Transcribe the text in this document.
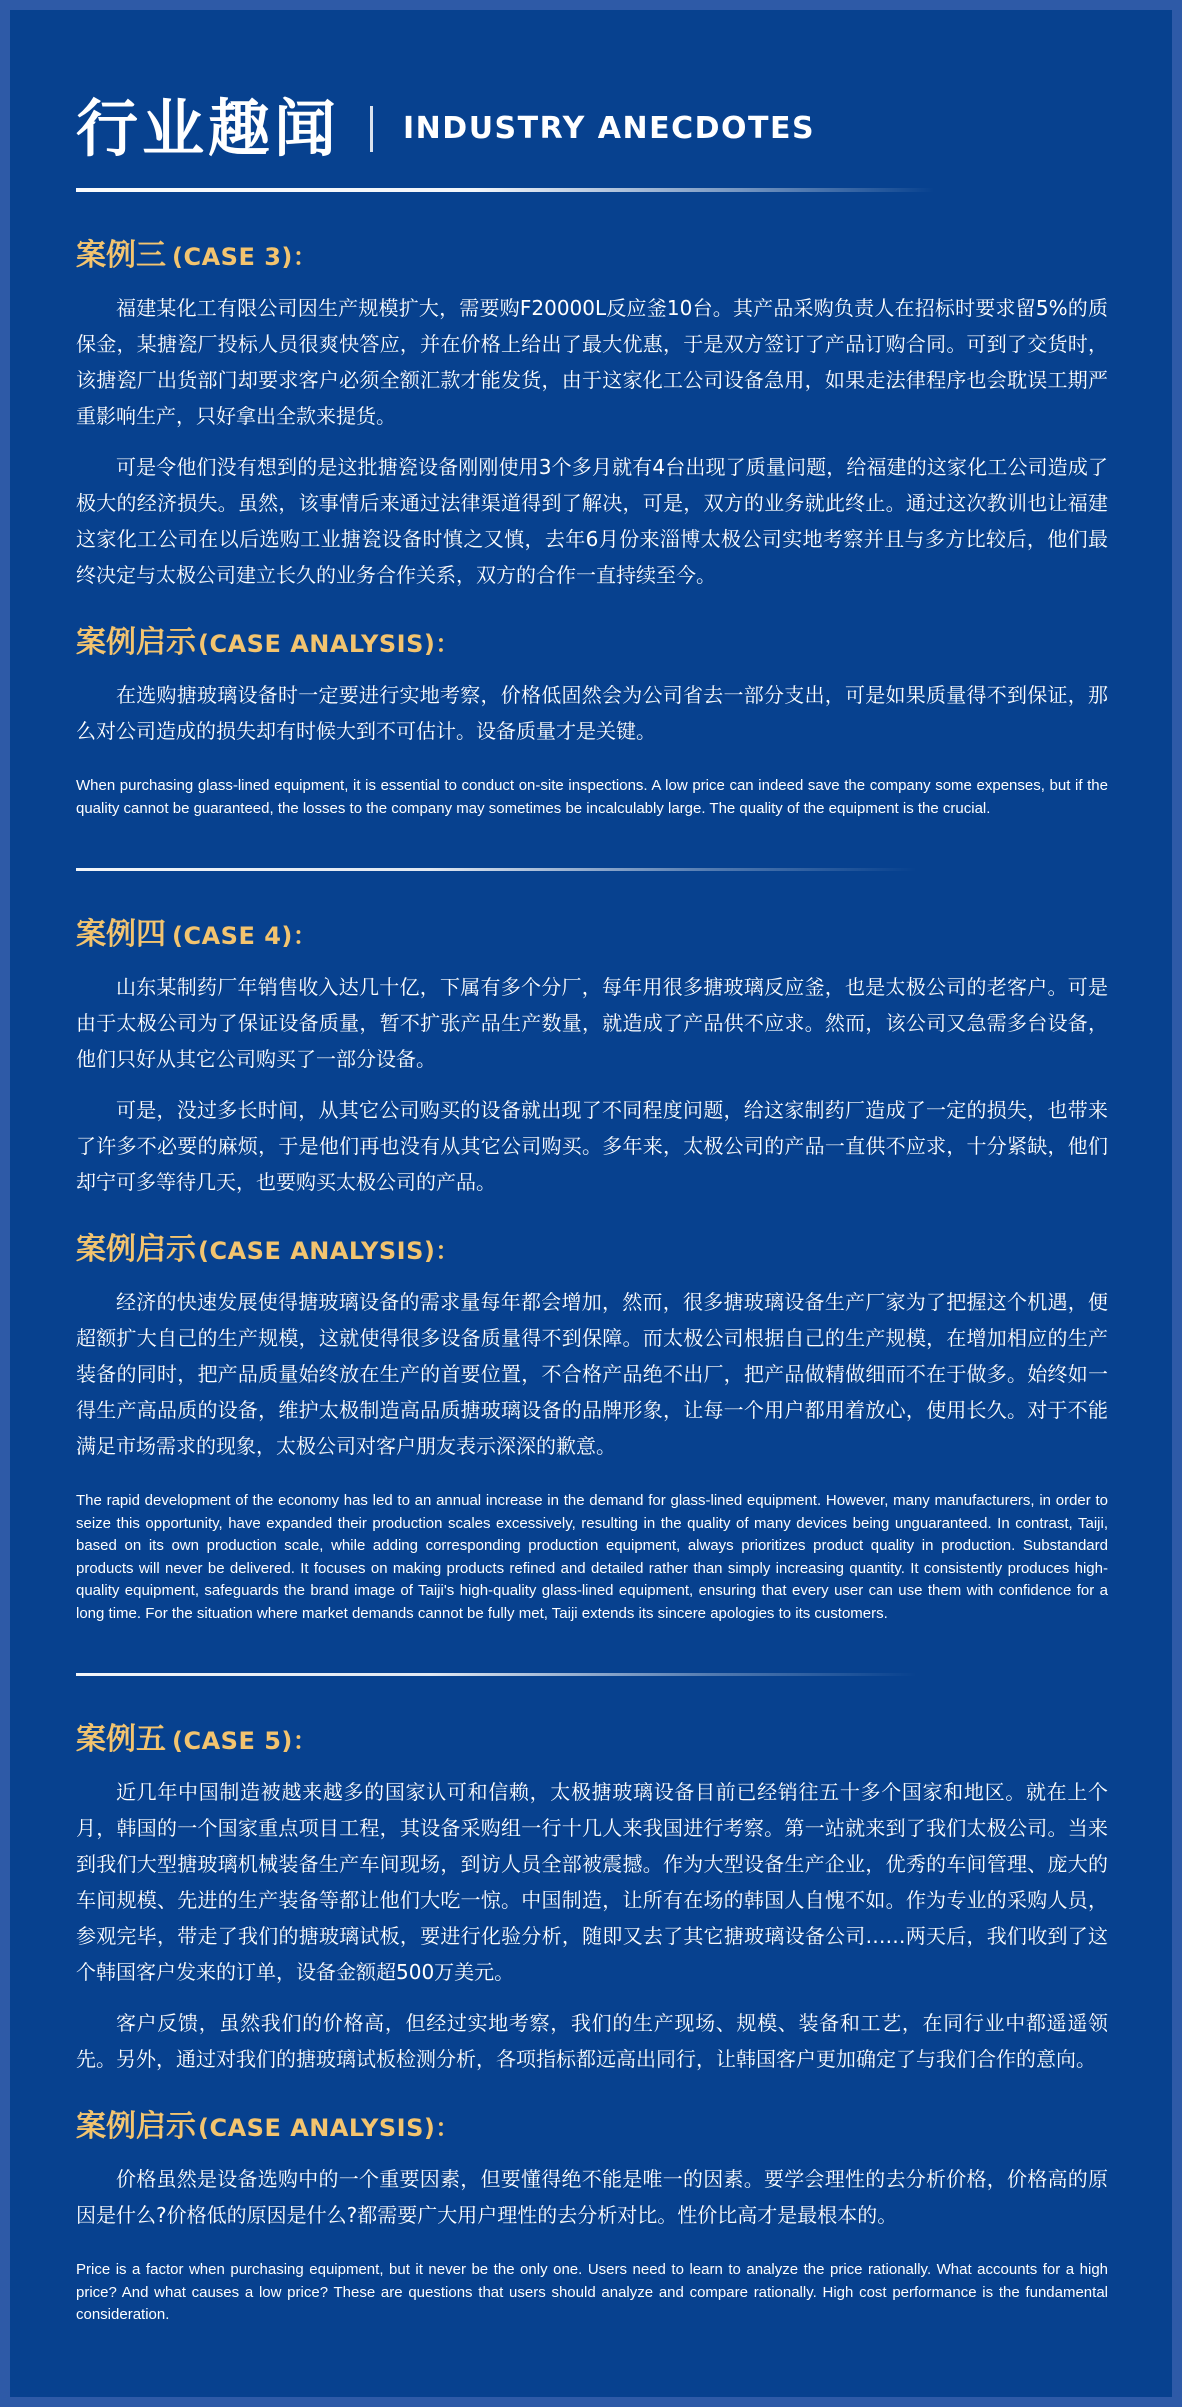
行业趣闻 INDUSTRY ANECDOTES
案例三 (CASE 3)：

福建某化工有限公司因生产规模扩大，需要购F20000L反应釜10台。其产品采购负责人在招标时要求留5%的质保金，某搪瓷厂投标人员很爽快答应，并在价格上给出了最大优惠，于是双方签订了产品订购合同。可到了交货时，该搪瓷厂出货部门却要求客户必须全额汇款才能发货，由于这家化工公司设备急用，如果走法律程序也会耽误工期严重影响生产，只好拿出全款来提货。

可是令他们没有想到的是这批搪瓷设备刚刚使用3个多月就有4台出现了质量问题，给福建的这家化工公司造成了极大的经济损失。虽然，该事情后来通过法律渠道得到了解决，可是，双方的业务就此终止。通过这次教训也让福建这家化工公司在以后选购工业搪瓷设备时慎之又慎，去年6月份来淄博太极公司实地考察并且与多方比较后，他们最终决定与太极公司建立长久的业务合作关系，双方的合作一直持续至今。

案例启示(CASE ANALYSIS)：

在选购搪玻璃设备时一定要进行实地考察，价格低固然会为公司省去一部分支出，可是如果质量得不到保证，那么对公司造成的损失却有时候大到不可估计。设备质量才是关键。

When purchasing glass-lined equipment, it is essential to conduct on-site inspections. A low price can indeed save the company some expenses, but if the quality cannot be guaranteed, the losses to the company may sometimes be incalculably large. The quality of the equipment is the crucial.

案例四 (CASE 4)：

山东某制药厂年销售收入达几十亿，下属有多个分厂，每年用很多搪玻璃反应釜，也是太极公司的老客户。可是由于太极公司为了保证设备质量，暂不扩张产品生产数量，就造成了产品供不应求。然而，该公司又急需多台设备，他们只好从其它公司购买了一部分设备。

可是，没过多长时间，从其它公司购买的设备就出现了不同程度问题，给这家制药厂造成了一定的损失，也带来了许多不必要的麻烦，于是他们再也没有从其它公司购买。多年来，太极公司的产品一直供不应求，十分紧缺，他们却宁可多等待几天，也要购买太极公司的产品。

案例启示(CASE ANALYSIS)：

经济的快速发展使得搪玻璃设备的需求量每年都会增加，然而，很多搪玻璃设备生产厂家为了把握这个机遇，便超额扩大自己的生产规模，这就使得很多设备质量得不到保障。而太极公司根据自己的生产规模，在增加相应的生产装备的同时，把产品质量始终放在生产的首要位置，不合格产品绝不出厂，把产品做精做细而不在于做多。始终如一得生产高品质的设备，维护太极制造高品质搪玻璃设备的品牌形象，让每一个用户都用着放心，使用长久。对于不能满足市场需求的现象，太极公司对客户朋友表示深深的歉意。

The rapid development of the economy has led to an annual increase in the demand for glass-lined equipment. However, many manufacturers, in order to seize this opportunity, have expanded their production scales excessively, resulting in the quality of many devices being unguaranteed. In contrast, Taiji, based on its own production scale, while adding corresponding production equipment, always prioritizes product quality in production. Substandard products will never be delivered. It focuses on making products refined and detailed rather than simply increasing quantity. It consistently produces high-quality equipment, safeguards the brand image of Taiji's high-quality glass-lined equipment, ensuring that every user can use them with confidence for a long time. For the situation where market demands cannot be fully met, Taiji extends its sincere apologies to its customers.

案例五 (CASE 5)：

近几年中国制造被越来越多的国家认可和信赖，太极搪玻璃设备目前已经销往五十多个国家和地区。就在上个月，韩国的一个国家重点项目工程，其设备采购组一行十几人来我国进行考察。第一站就来到了我们太极公司。当来到我们大型搪玻璃机械装备生产车间现场，到访人员全部被震撼。作为大型设备生产企业，优秀的车间管理、庞大的车间规模、先进的生产装备等都让他们大吃一惊。中国制造，让所有在场的韩国人自愧不如。作为专业的采购人员，参观完毕，带走了我们的搪玻璃试板，要进行化验分析，随即又去了其它搪玻璃设备公司……两天后，我们收到了这个韩国客户发来的订单，设备金额超500万美元。

客户反馈，虽然我们的价格高，但经过实地考察，我们的生产现场、规模、装备和工艺，在同行业中都遥遥领先。另外，通过对我们的搪玻璃试板检测分析，各项指标都远高出同行，让韩国客户更加确定了与我们合作的意向。

案例启示(CASE ANALYSIS)：

价格虽然是设备选购中的一个重要因素，但要懂得绝不能是唯一的因素。要学会理性的去分析价格，价格高的原因是什么?价格低的原因是什么?都需要广大用户理性的去分析对比。性价比高才是最根本的。

Price is a factor when purchasing equipment, but it never be the only one. Users need to learn to analyze the price rationally. What accounts for a high price? And what causes a low price? These are questions that users should analyze and compare rationally. High cost performance is the fundamental consideration.
